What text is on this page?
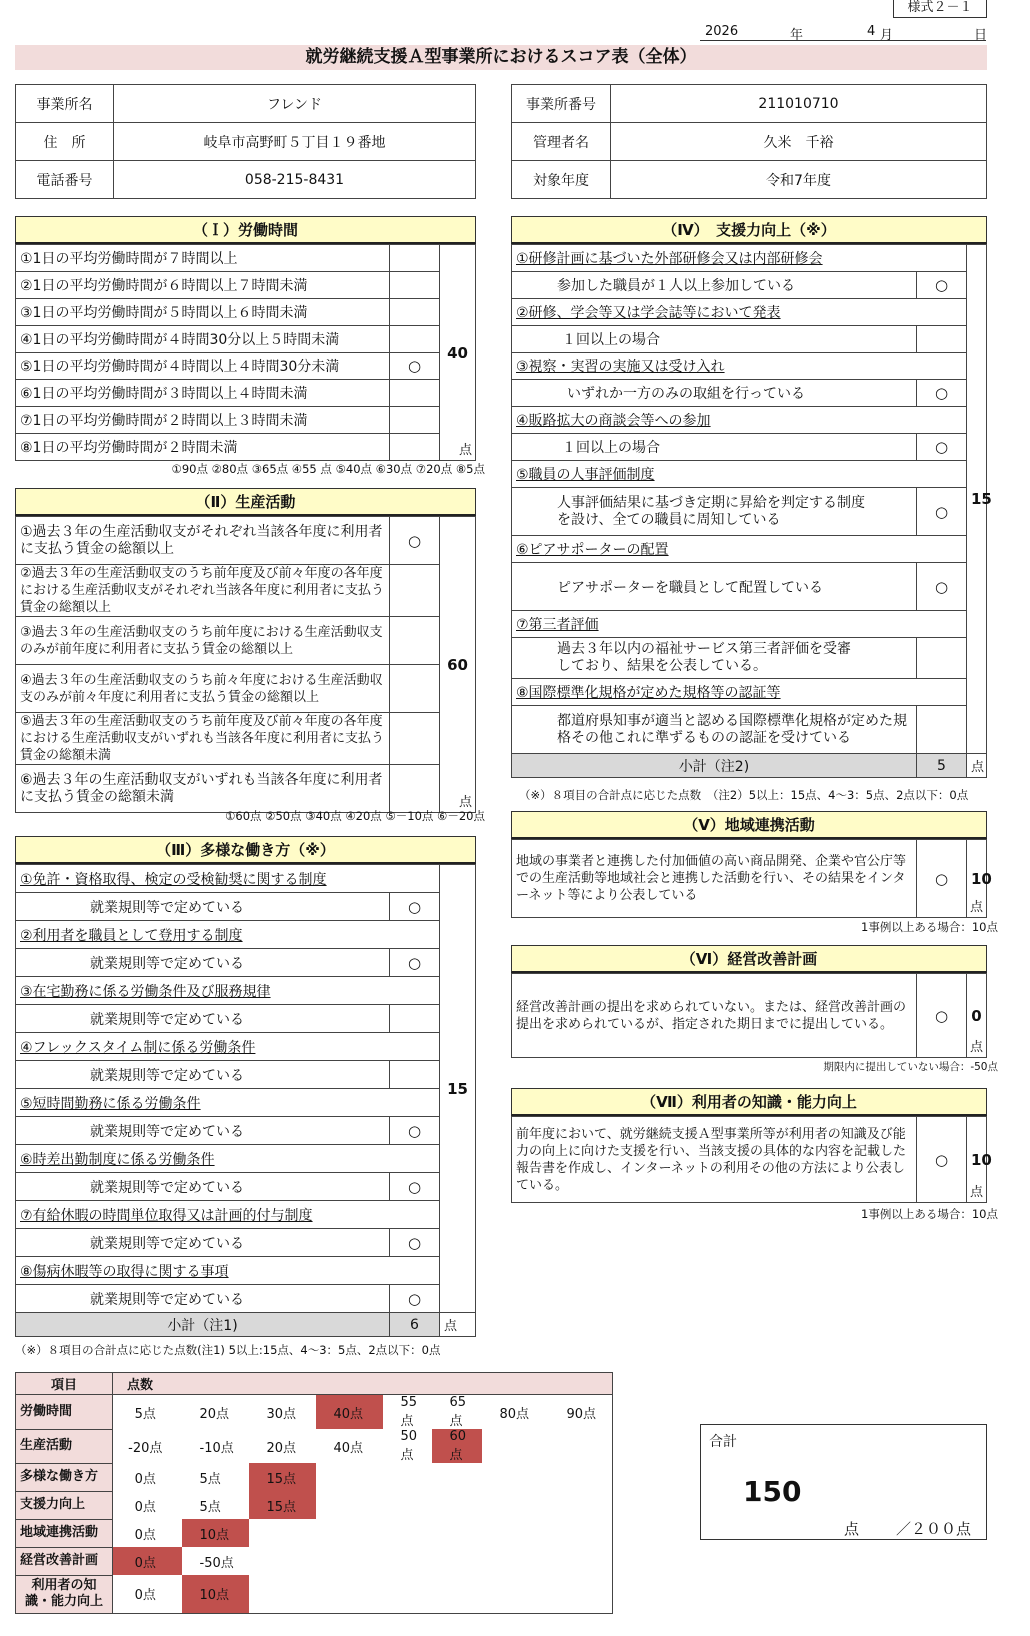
様式２－１
2026	年	4 月	日
就労継続支援Ａ型事業所におけるスコア表（全体）
事業所名	フレンド
住　所	岐阜市高野町５丁目１９番地
電話番号	058-215-8431
事業所番号	211010710
管理者名	久米　千裕
対象年度	令和7年度
（Ｉ）労働時間
①1日の平均労働時間が７時間以上		40
点

②1日の平均労働時間が６時間以上７時間未満		
③1日の平均労働時間が５時間以上６時間未満		
④1日の平均労働時間が４時間30分以上５時間未満		
⑤1日の平均労働時間が４時間以上４時間30分未満	○	
⑥1日の平均労働時間が３時間以上４時間未満		
⑦1日の平均労働時間が２時間以上３時間未満		
⑧1日の平均労働時間が２時間未満		
①90点 ②80点 ③65点 ④55 点 ⑤40点 ⑥30点 ⑦20点 ⑧5点
（Ⅱ）生産活動
①過去３年の生産活動収支がそれぞれ当該各年度に利用者に支払う賃金の総額以上	○	60
点

②過去３年の生産活動収支のうち前年度及び前々年度の各年度における生産活動収支がそれぞれ当該各年度に利用者に支払う賃金の総額以上		
③過去３年の生産活動収支のうち前年度における生産活動収支のみが前年度に利用者に支払う賃金の総額以上		
④過去３年の生産活動収支のうち前々年度における生産活動収支のみが前々年度に利用者に支払う賃金の総額以上		
⑤過去３年の生産活動収支のうち前年度及び前々年度の各年度における生産活動収支がいずれも当該各年度に利用者に支払う賃金の総額未満		
⑥過去３年の生産活動収支がいずれも当該各年度に利用者に支払う賃金の総額未満		
①60点 ②50点 ③40点 ④20点 ⑤－10点 ⑥－20点
（Ⅲ）多様な働き方（※）
①免許・資格取得、検定の受検勧奨に関する制度		15
就業規則等で定めている	○	
②利用者を職員として登用する制度		
就業規則等で定めている	○	
③在宅勤務に係る労働条件及び服務規律		
就業規則等で定めている		
④フレックスタイム制に係る労働条件		
就業規則等で定めている		
⑤短時間勤務に係る労働条件		
就業規則等で定めている	○	
⑥時差出勤制度に係る労働条件		
就業規則等で定めている	○	
⑦有給休暇の時間単位取得又は計画的付与制度		
就業規則等で定めている	○	
⑧傷病休暇等の取得に関する事項		
就業規則等で定めている	○	
小計（注1)	6	点
（※）８項目の合計点に応じた点数(注1) 5以上:15点、4～3：5点、2点以下：0点
（Ⅳ）　支援力向上（※）
①研修計画に基づいた外部研修会又は内部研修会		15
参加した職員が１人以上参加している	○	
②研修、学会等又は学会誌等において発表		
１回以上の場合		
③視察・実習の実施又は受け入れ		
いずれか一方のみの取組を行っている	○	
④販路拡大の商談会等への参加		
１回以上の場合	○	
⑤職員の人事評価制度		
人事評価結果に基づき定期に昇給を判定する制度を設け、全ての職員に周知している	○	
⑥ピアサポーターの配置		
ピアサポーターを職員として配置している	○	
⑦第三者評価		
過去３年以内の福祉サービス第三者評価を受審しており、結果を公表している。		
⑧国際標準化規格が定めた規格等の認証等		
都道府県知事が適当と認める国際標準化規格が定めた規格その他これに準ずるものの認証を受けている		
小計（注2)	5	点
（※）８項目の合計点に応じた点数　（注2）5以上：15点、4～3：5点、2点以下：0点
（Ⅴ）地域連携活動
地域の事業者と連携した付加価値の高い商品開発、企業や官公庁等での生産活動等地域社会と連携した活動を行い、その結果をインターネット等により公表している	○	10
点
1事例以上ある場合：10点
（Ⅵ）経営改善計画
経営改善計画の提出を求められていない。または、経営改善計画の提出を求められているが、指定された期日までに提出している。	○	0
点
期限内に提出していない場合：-50点
（Ⅶ）利用者の知識・能力向上
前年度において、就労継続支援Ａ型事業所等が利用者の知識及び能力の向上に向けた支援を行い、当該支援の具体的な内容を記載した報告書を作成し、インターネットの利用その他の方法により公表している。	○	10
点
1事例以上ある場合：10点
項目	点数							
労働時間	5点	20点	30点	40点	55点	65点	80点	90点
生産活動	-20点	-10点	20点	40点	50点	60点		
多様な働き方	0点	5点	15点					
支援力向上	0点	5点	15点					
地域連携活動	0点	10点						
経営改善計画	0点	-50点						
利用者の知識・能力向上	0点	10点						
合計
150
点 ／２００点
